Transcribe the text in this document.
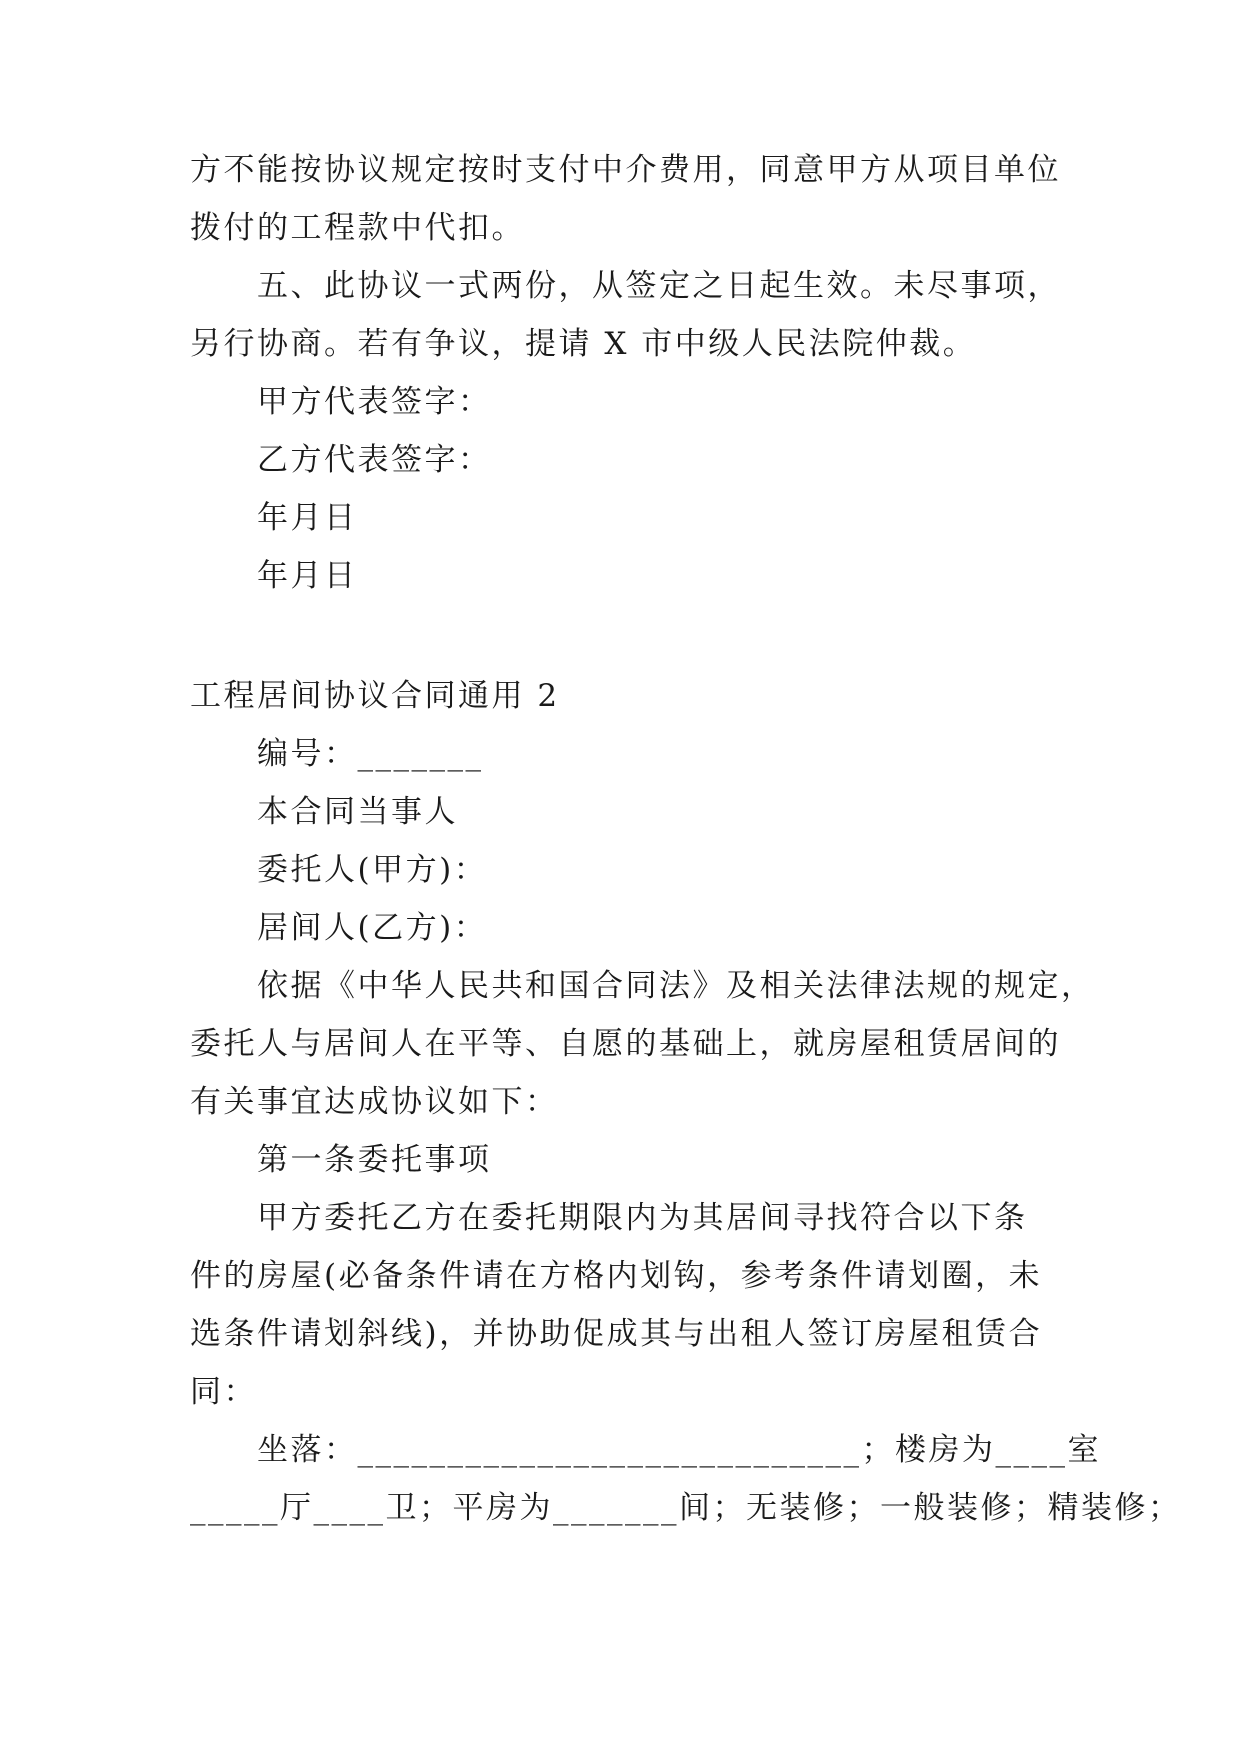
方不能按协议规定按时支付中介费用，同意甲方从项目单位
拨付的工程款中代扣。
五、此协议一式两份，从签定之日起生效。未尽事项，
另行协商。若有争议，提请 X 市中级人民法院仲裁。
甲方代表签字：
乙方代表签字：
年月日
年月日
工程居间协议合同通用 2
编号：_______
本合同当事人
委托人(甲方)：
居间人(乙方)：
依据《中华人民共和国合同法》及相关法律法规的规定，
委托人与居间人在平等、自愿的基础上，就房屋租赁居间的
有关事宜达成协议如下：
第一条委托事项
甲方委托乙方在委托期限内为其居间寻找符合以下条
件的房屋(必备条件请在方格内划钩，参考条件请划圈，未
选条件请划斜线)，并协助促成其与出租人签订房屋租赁合
同：
坐落：____________________________；楼房为____室
_____厅____卫；平房为_______间；无装修；一般装修；精装修；
